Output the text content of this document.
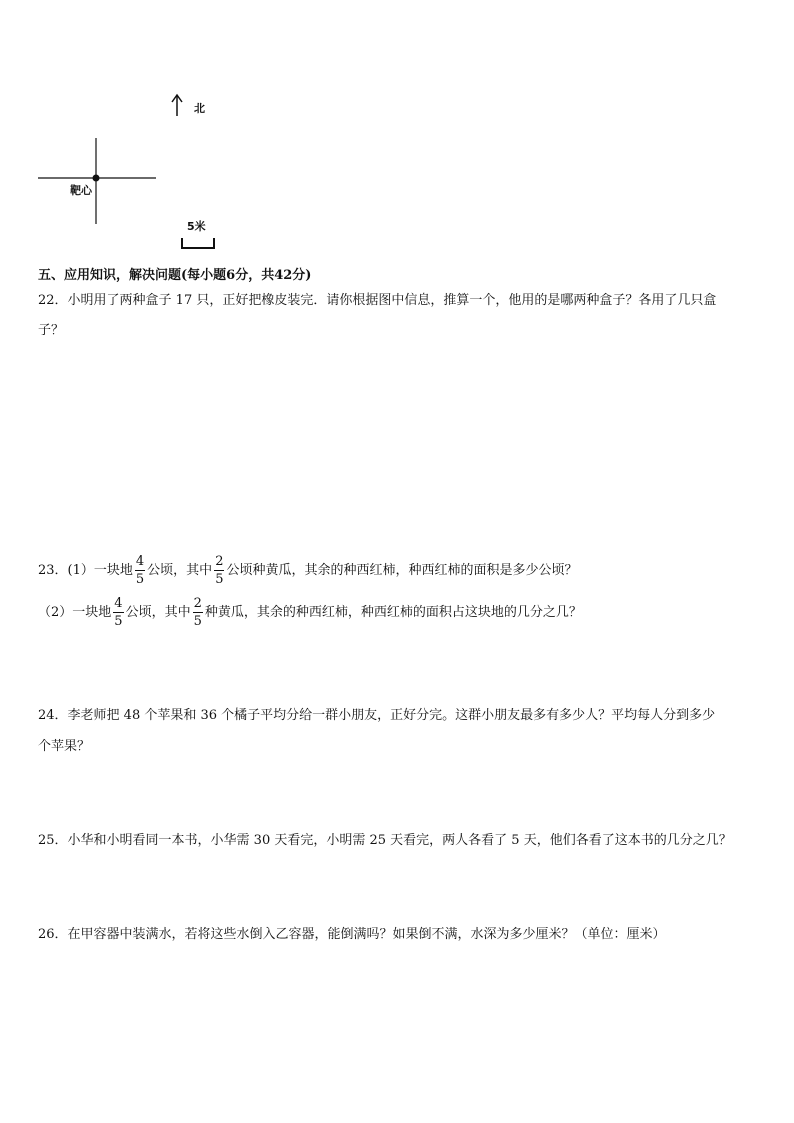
北
靶心
5米
五、应用知识，解决问题(每小题6分，共42分)
22．小明用了两种盒子 17 只，正好把橡皮装完．请你根据图中信息，推算一个，他用的是哪两种盒子？各用了几只盒
子？
23．(1）一块地 $\frac{4}{5}$ 公顷，其中 $\frac{2}{5}$ 公顷种黄瓜，其余的种西红柿，种西红柿的面积是多少公顷？
（2）一块地 $\frac{4}{5}$ 公顷，其中 $\frac{2}{5}$ 种黄瓜，其余的种西红柿，种西红柿的面积占这块地的几分之几？
24．李老师把 48 个苹果和 36 个橘子平均分给一群小朋友，正好分完。这群小朋友最多有多少人？平均每人分到多少
个苹果？
25．小华和小明看同一本书，小华需 30 天看完，小明需 25 天看完，两人各看了 5 天，他们各看了这本书的几分之几？
26．在甲容器中装满水，若将这些水倒入乙容器，能倒满吗？如果倒不满，水深为多少厘米？（单位：厘米）
